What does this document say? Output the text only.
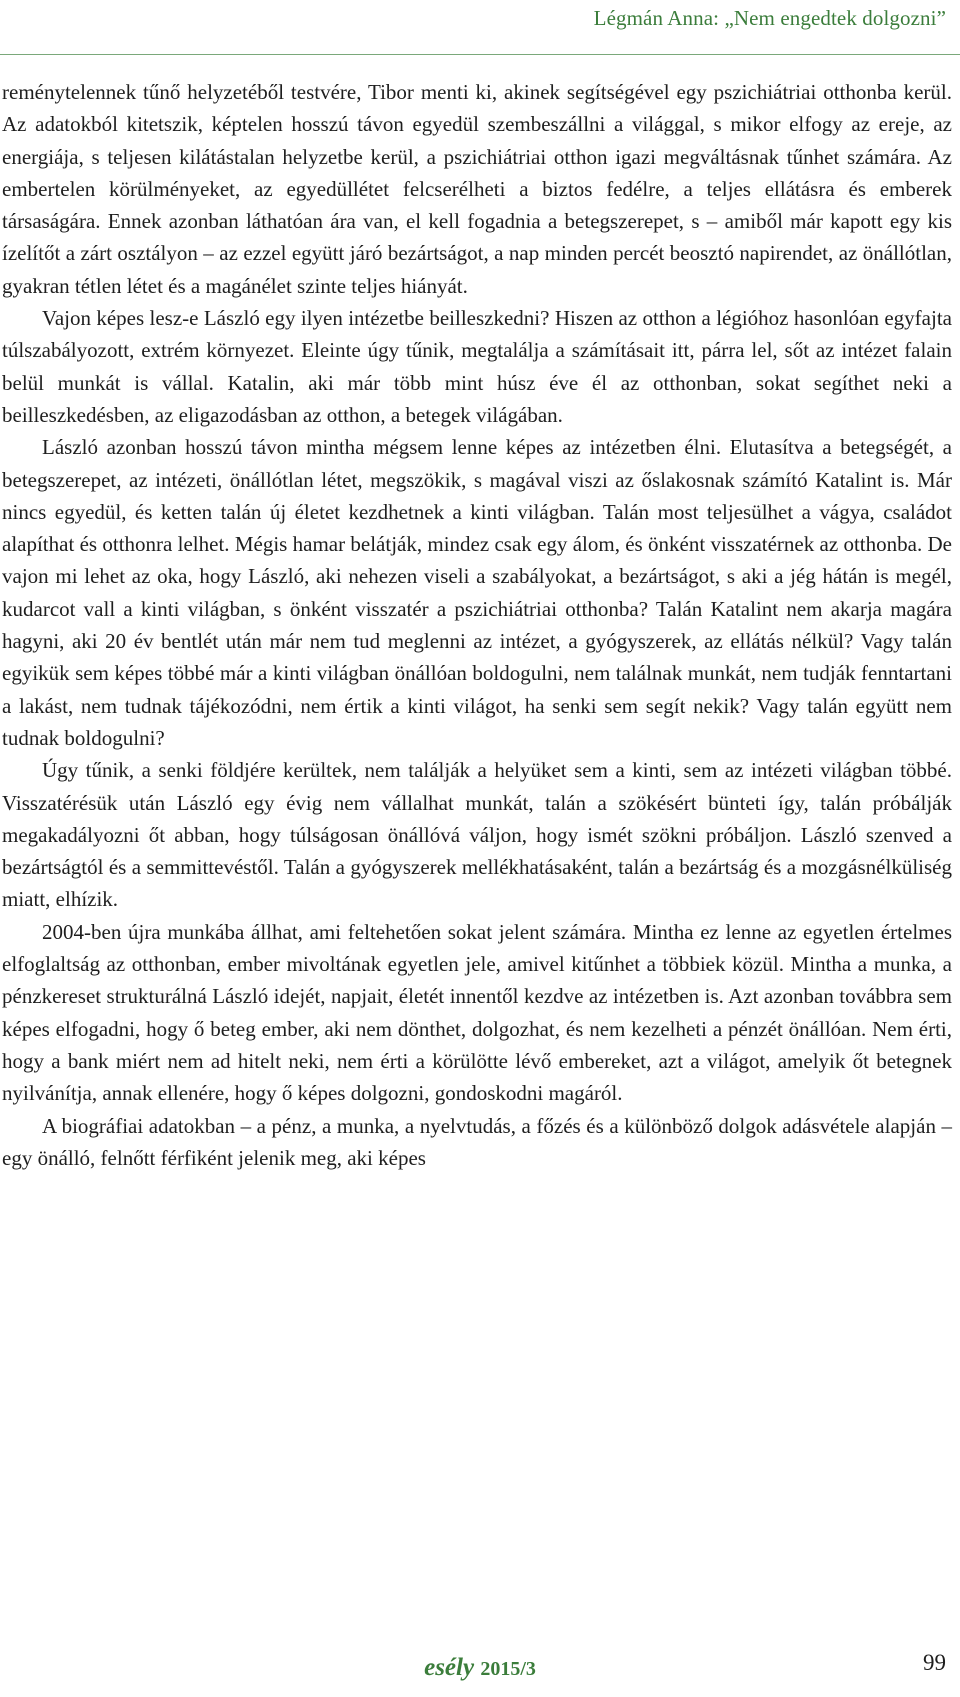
Légmán Anna: „Nem engedtek dolgozni”

reménytelennek tűnő helyzetéből testvére, Tibor menti ki, akinek segítségével egy pszichiátriai otthonba kerül. Az adatokból kitetszik, képtelen hosszú távon egyedül szembeszállni a világgal, s mikor elfogy az ereje, az energiája, s teljesen kilátástalan helyzetbe kerül, a pszichiátriai otthon igazi megváltásnak tűnhet számára. Az embertelen körülményeket, az egyedüllétet felcserélheti a biztos fedélre, a teljes ellátásra és emberek társaságára. Ennek azonban láthatóan ára van, el kell fogadnia a betegszerepet, s – amiből már kapott egy kis ízelítőt a zárt osztályon – az ezzel együtt járó bezártságot, a nap minden percét beosztó napirendet, az önállótlan, gyakran tétlen létet és a magánélet szinte teljes hiányát.

Vajon képes lesz-e László egy ilyen intézetbe beilleszkedni? Hiszen az otthon a légióhoz hasonlóan egyfajta túlszabályozott, extrém környezet. Eleinte úgy tűnik, megtalálja a számításait itt, párra lel, sőt az intézet falain belül munkát is vállal. Katalin, aki már több mint húsz éve él az otthonban, sokat segíthet neki a beilleszkedésben, az eligazodásban az otthon, a betegek világában.

László azonban hosszú távon mintha mégsem lenne képes az intézetben élni. Elutasítva a betegségét, a betegszerepet, az intézeti, önállótlan létet, megszökik, s magával viszi az őslakosnak számító Katalint is. Már nincs egyedül, és ketten talán új életet kezdhetnek a kinti világban. Talán most teljesülhet a vágya, családot alapíthat és otthonra lelhet. Mégis hamar belátják, mindez csak egy álom, és önként visszatérnek az otthonba. De vajon mi lehet az oka, hogy László, aki nehezen viseli a szabályokat, a bezártságot, s aki a jég hátán is megél, kudarcot vall a kinti világban, s önként visszatér a pszichiátriai otthonba? Talán Katalint nem akarja magára hagyni, aki 20 év bentlét után már nem tud meglenni az intézet, a gyógyszerek, az ellátás nélkül? Vagy talán egyikük sem képes többé már a kinti világban önállóan boldogulni, nem találnak munkát, nem tudják fenntartani a lakást, nem tudnak tájékozódni, nem értik a kinti világot, ha senki sem segít nekik? Vagy talán együtt nem tudnak boldogulni?

Úgy tűnik, a senki földjére kerültek, nem találják a helyüket sem a kinti, sem az intézeti világban többé. Visszatérésük után László egy évig nem vállalhat munkát, talán a szökésért bünteti így, talán próbálják megakadályozni őt abban, hogy túlságosan önállóvá váljon, hogy ismét szökni próbáljon. László szenved a bezártságtól és a semmittevéstől. Talán a gyógyszerek mellékhatásaként, talán a bezártság és a mozgásnélküliség miatt, elhízik.

2004-ben újra munkába állhat, ami feltehetően sokat jelent számára. Mintha ez lenne az egyetlen értelmes elfoglaltság az otthonban, ember mivoltának egyetlen jele, amivel kitűnhet a többiek közül. Mintha a munka, a pénzkereset strukturálná László idejét, napjait, életét innentől kezdve az intézetben is. Azt azonban továbbra sem képes elfogadni, hogy ő beteg ember, aki nem dönthet, dolgozhat, és nem kezelheti a pénzét önállóan. Nem érti, hogy a bank miért nem ad hitelt neki, nem érti a körülötte lévő embereket, azt a világot, amelyik őt betegnek nyilvánítja, annak ellenére, hogy ő képes dolgozni, gondoskodni magáról.

A biográfiai adatokban – a pénz, a munka, a nyelvtudás, a főzés és a különböző dolgok adásvétele alapján – egy önálló, felnőtt férfiként jelenik meg, aki képes

esély 2015/3	99
